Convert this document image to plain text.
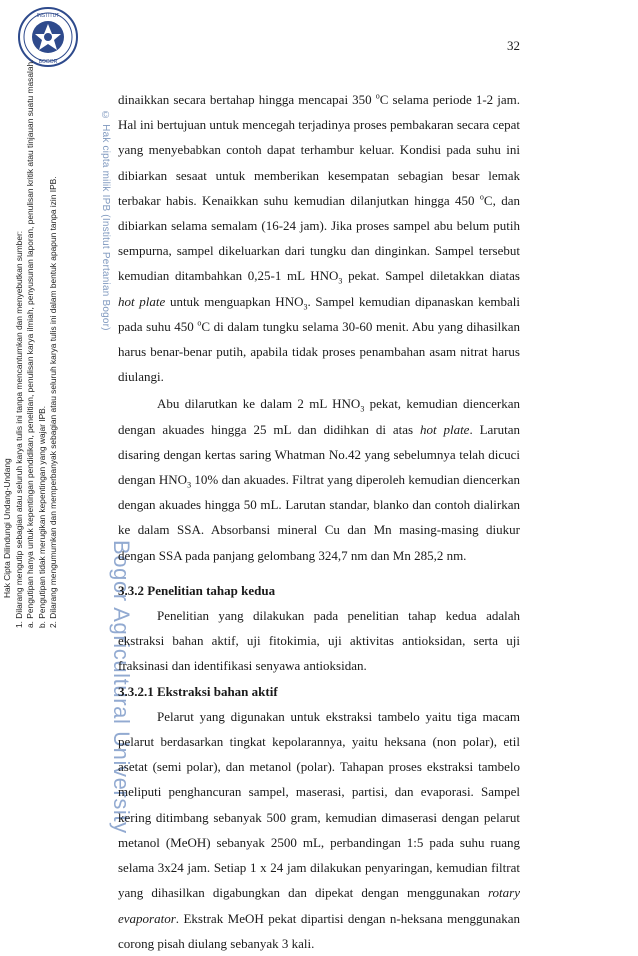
INSTITUT
BOGOR
32
Hak Cipta Dilindungi Undang-Undang 1. Dilarang mengutip sebagian atau seluruh karya tulis ini tanpa mencantumkan dan menyebutkan sumber: a. Pengutipan hanya untuk kepentingan pendidikan, penelitian, penulisan karya ilmiah, penyusunan laporan, penulisan kritik atau tinjauan suatu masalah. b. Pengutipan tidak merugikan kepentingan yang wajar IPB. 2. Dilarang mengumumkan dan memperbanyak sebagian atau seluruh karya tulis ini dalam bentuk apapun tanpa izin IPB.	© Hak cipta milik IPB (Institut Pertanian Bogor)
Bogor Agricultural University

dinaikkan secara bertahap hingga mencapai 350 $^o$C selama periode 1-2 jam. Hal ini bertujuan untuk mencegah terjadinya proses pembakaran secara cepat yang menyebabkan contoh dapat terhambur keluar. Kondisi pada suhu ini dibiarkan sesaat untuk memberikan kesempatan sebagian besar lemak terbakar habis. Kenaikkan suhu kemudian dilanjutkan hingga 450 $^o$C, dan dibiarkan selama semalam (16-24 jam). Jika proses sampel abu belum putih sempurna, sampel dikeluarkan dari tungku dan dinginkan. Sampel tersebut kemudian ditambahkan 0,25-1 mL $HNO_3$ pekat. Sampel diletakkan diatas hot plate untuk menguapkan $HNO_3$. Sampel kemudian dipanaskan kembali pada suhu 450 $^o$C di dalam tungku selama 30-60 menit. Abu yang dihasilkan harus benar-benar putih, apabila tidak proses penambahan asam nitrat harus diulangi.

Abu dilarutkan ke dalam 2 mL $HNO_3$ pekat, kemudian diencerkan dengan akuades hingga 25 mL dan didihkan di atas hot plate. Larutan disaring dengan kertas saring Whatman No.42 yang sebelumnya telah dicuci dengan $HNO_3$ 10% dan akuades. Filtrat yang diperoleh kemudian diencerkan dengan akuades hingga 50 mL. Larutan standar, blanko dan contoh dialirkan ke dalam SSA. Absorbansi mineral Cu dan Mn masing-masing diukur dengan SSA pada panjang gelombang 324,7 nm dan Mn 285,2 nm.

3.3.2 Penelitian tahap kedua

Penelitian yang dilakukan pada penelitian tahap kedua adalah ekstraksi bahan aktif, uji fitokimia, uji aktivitas antioksidan, serta uji fraksinasi dan identifikasi senyawa antioksidan.

3.3.2.1 Ekstraksi bahan aktif

Pelarut yang digunakan untuk ekstraksi tambelo yaitu tiga macam pelarut berdasarkan tingkat kepolarannya, yaitu heksana (non polar), etil asetat (semi polar), dan metanol (polar). Tahapan proses ekstraksi tambelo meliputi penghancuran sampel, maserasi, partisi, dan evaporasi. Sampel kering ditimbang sebanyak 500 gram, kemudian dimaserasi dengan pelarut metanol (MeOH) sebanyak 2500 mL, perbandingan 1:5 pada suhu ruang selama 3x24 jam. Setiap 1 x 24 jam dilakukan penyaringan, kemudian filtrat yang dihasilkan digabungkan dan dipekat dengan menggunakan rotary evaporator. Ekstrak MeOH pekat dipartisi dengan n-heksana menggunakan corong pisah diulang sebanyak 3 kali.
